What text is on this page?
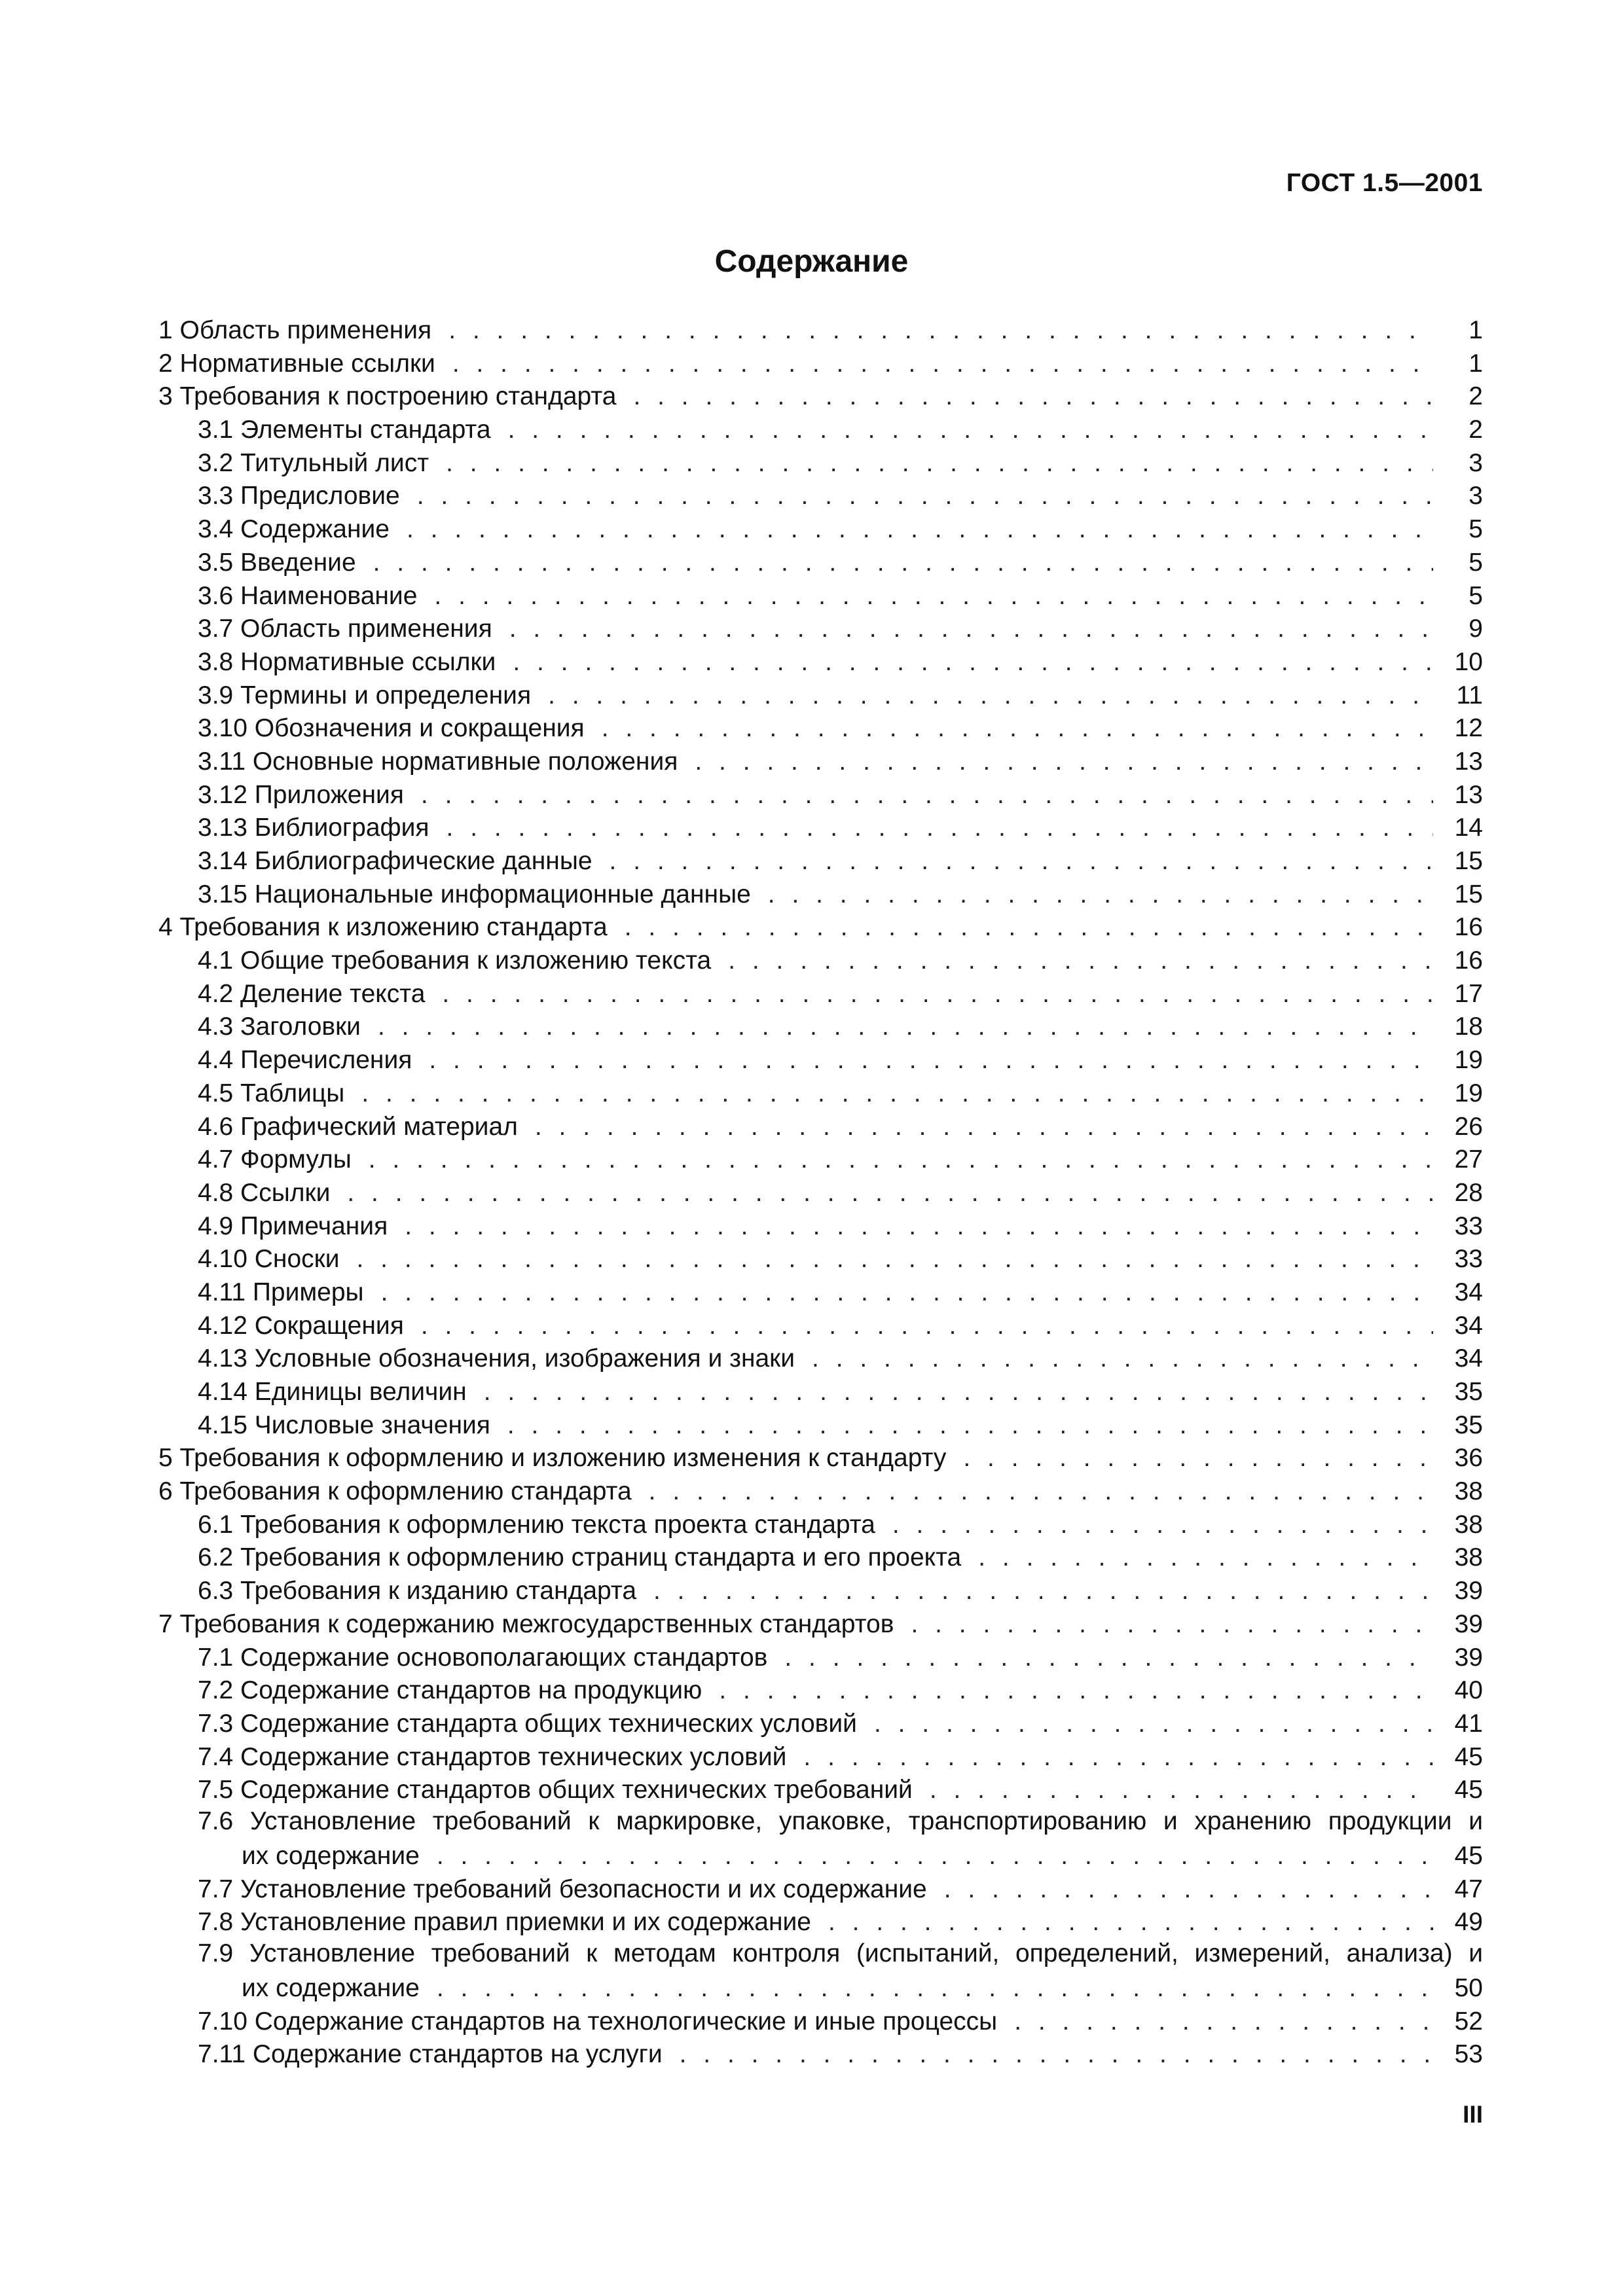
ГОСТ 1.5—2001
Содержание
1 Область применения . . .	1
2 Нормативные ссылки . . .	1
3 Требования к построению стандарта . . .	2
3.1 Элементы стандарта . . .	2
3.2 Титульный лист . . .	3
3.3 Предисловие . . .	3
3.4 Содержание . . .	5
3.5 Введение . . .	5
3.6 Наименование . . .	5
3.7 Область применения . . .	9
3.8 Нормативные ссылки . . .	10
3.9 Термины и определения . . .	11
3.10 Обозначения и сокращения . . .	12
3.11 Основные нормативные положения . . .	13
3.12 Приложения . . .	13
3.13 Библиография . . .	14
3.14 Библиографические данные . . .	15
3.15 Национальные информационные данные . . .	15
4 Требования к изложению стандарта . . .	16
4.1 Общие требования к изложению текста . . .	16
4.2 Деление текста . . .	17
4.3 Заголовки . . .	18
4.4 Перечисления . . .	19
4.5 Таблицы . . .	19
4.6 Графический материал . . .	26
4.7 Формулы . . .	27
4.8 Ссылки . . .	28
4.9 Примечания . . .	33
4.10 Сноски . . .	33
4.11 Примеры . . .	34
4.12 Сокращения . . .	34
4.13 Условные обозначения, изображения и знаки . . .	34
4.14 Единицы величин . . .	35
4.15 Числовые значения . . .	35
5 Требования к оформлению и изложению изменения к стандарту . . .	36
6 Требования к оформлению стандарта . . .	38
6.1 Требования к оформлению текста проекта стандарта . . .	38
6.2 Требования к оформлению страниц стандарта и его проекта . . .	38
6.3 Требования к изданию стандарта . . .	39
7 Требования к содержанию межгосударственных стандартов . . .	39
7.1 Содержание основополагающих стандартов . . .	39
7.2 Содержание стандартов на продукцию . . .	40
7.3 Содержание стандарта общих технических условий . . .	41
7.4 Содержание стандартов технических условий . . .	45
7.5 Содержание стандартов общих технических требований . . .	45
7.6 Установление требований к маркировке, упаковке, транспортированию и хранению продукции и
их содержание . . .	45
7.7 Установление требований безопасности и их содержание . . .	47
7.8 Установление правил приемки и их содержание . . .	49
7.9 Установление требований к методам контроля (испытаний, определений, измерений, анализа) и
их содержание . . .	50
7.10 Содержание стандартов на технологические и иные процессы . . .	52
7.11 Содержание стандартов на услуги . . .	53
III
